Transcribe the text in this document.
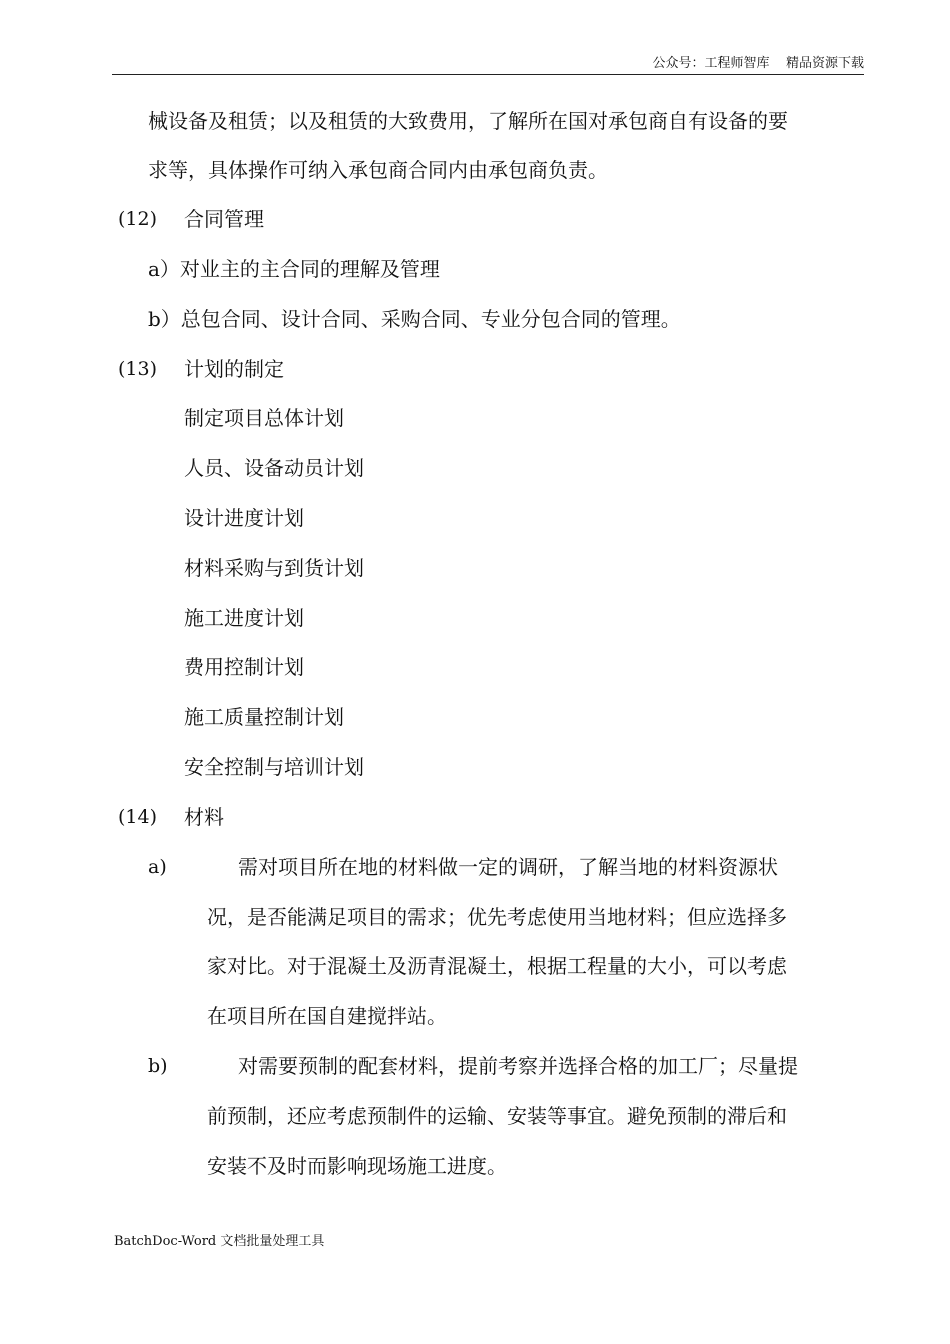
公众号：工程师智库    精品资源下载
械设备及租赁；以及租赁的大致费用，了解所在国对承包商自有设备的要
求等，具体操作可纳入承包商合同内由承包商负责。
(12) 合同管理
a）对业主的主合同的理解及管理
b）总包合同、设计合同、采购合同、专业分包合同的管理。
(13) 计划的制定
制定项目总体计划
人员、设备动员计划
设计进度计划
材料采购与到货计划
施工进度计划
费用控制计划
施工质量控制计划
安全控制与培训计划
(14) 材料
a)	需对项目所在地的材料做一定的调研，了解当地的材料资源状
况，是否能满足项目的需求；优先考虑使用当地材料；但应选择多
家对比。对于混凝土及沥青混凝土，根据工程量的大小，可以考虑
在项目所在国自建搅拌站。
b)	对需要预制的配套材料，提前考察并选择合格的加工厂；尽量提
前预制，还应考虑预制件的运输、安装等事宜。避免预制的滞后和
安装不及时而影响现场施工进度。
BatchDoc-Word 文档批量处理工具
